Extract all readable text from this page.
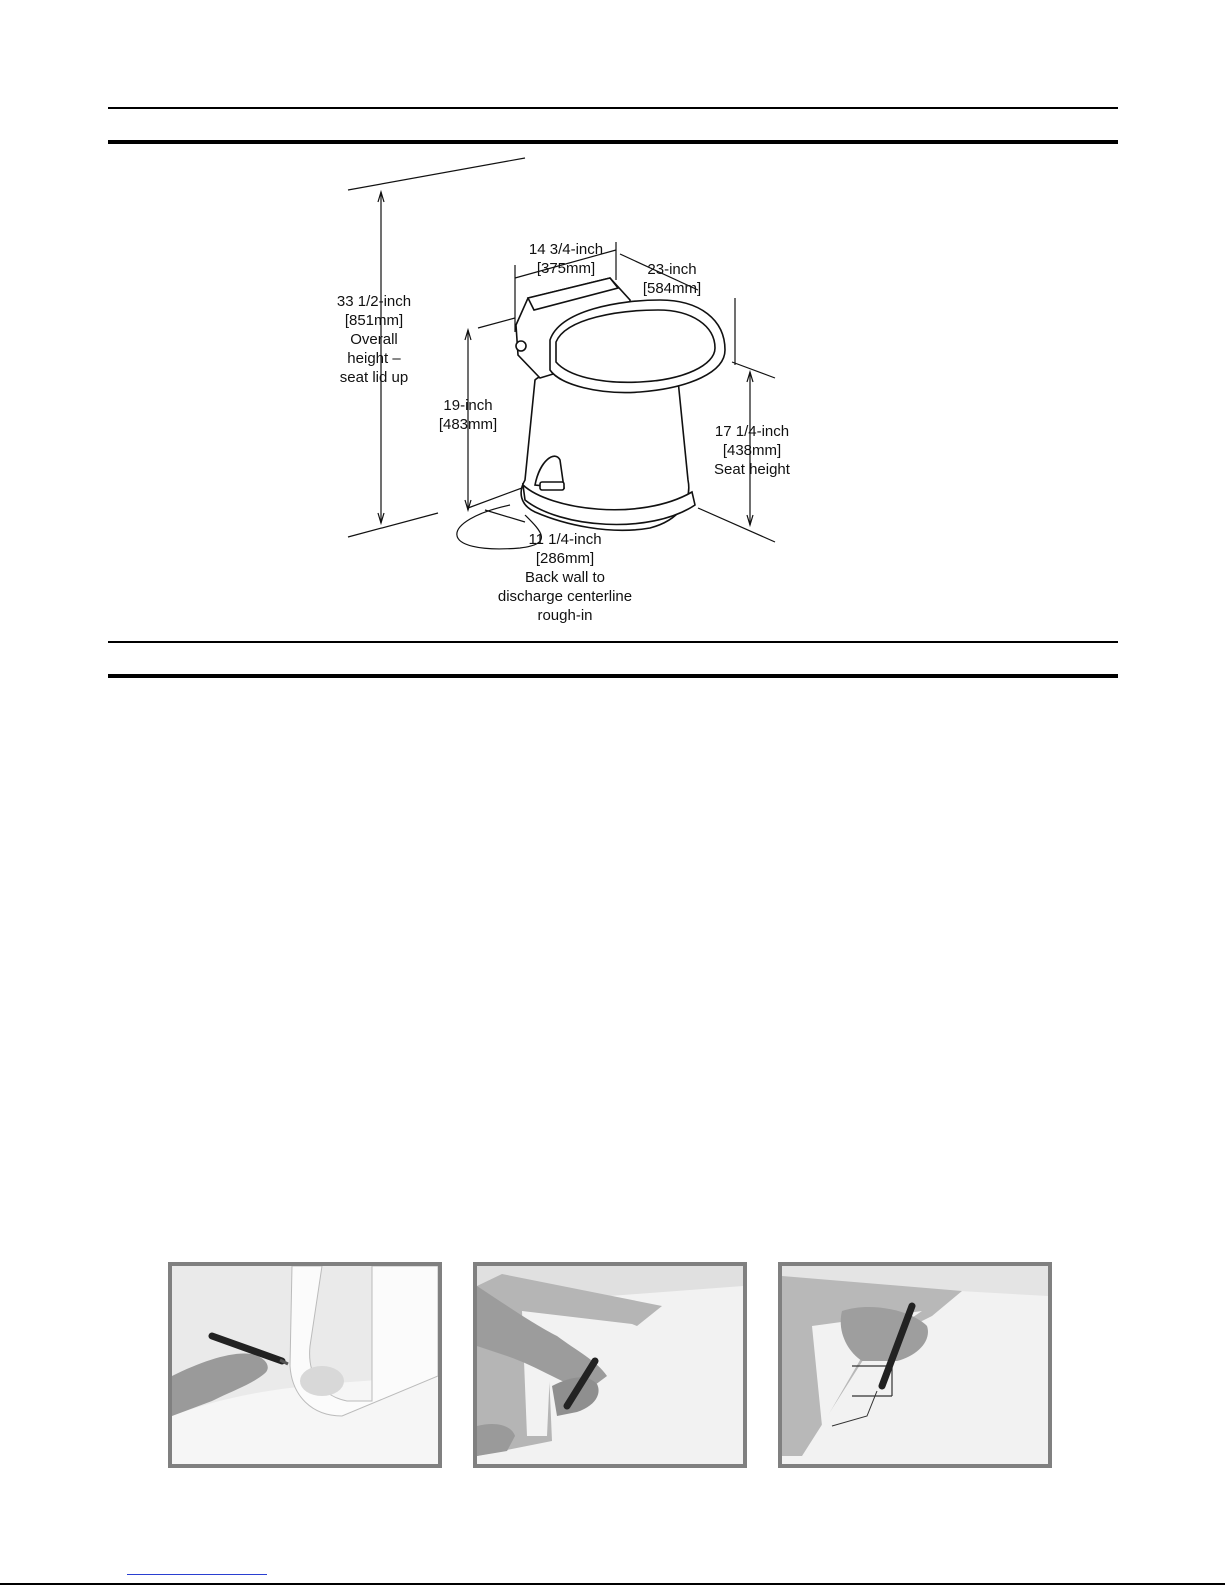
33 1/2-inch
[851mm]
Overall
height –
seat lid up
14 3/4-inch
[375mm]	23-inch
[584mm]
19-inch
[483mm]	17 1/4-inch
[438mm]
Seat height
11 1/4-inch
[286mm]
Back wall to
discharge centerline
rough-in
